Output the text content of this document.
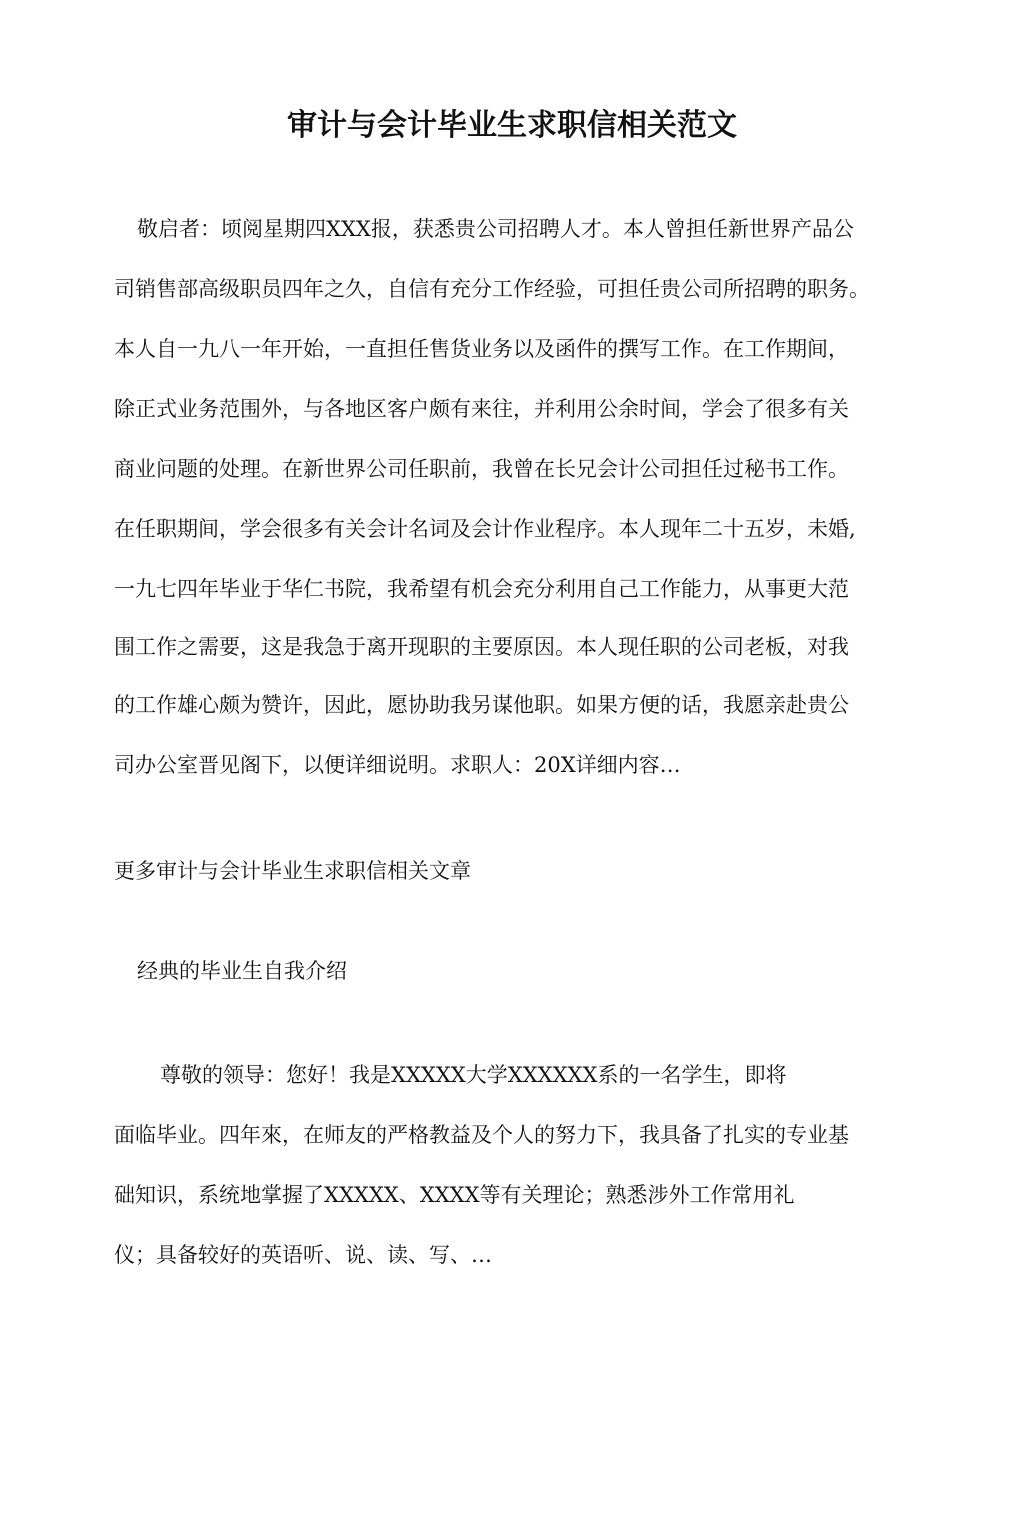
审计与会计毕业生求职信相关范文

敬启者：顷阅星期四XXX报，获悉贵公司招聘人才。本人曾担任新世界产品公

司销售部高级职员四年之久，自信有充分工作经验，可担任贵公司所招聘的职务。

本人自一九八一年开始，一直担任售货业务以及函件的撰写工作。在工作期间，

除正式业务范围外，与各地区客户颇有来往，并利用公余时间，学会了很多有关

商业问题的处理。在新世界公司任职前，我曾在长兄会计公司担任过秘书工作。

在任职期间，学会很多有关会计名词及会计作业程序。本人现年二十五岁，未婚,

一九七四年毕业于华仁书院，我希望有机会充分利用自己工作能力，从事更大范

围工作之需要，这是我急于离开现职的主要原因。本人现任职的公司老板，对我

的工作雄心颇为赞许，因此，愿协助我另谋他职。如果方便的话，我愿亲赴贵公

司办公室晋见阁下，以便详细说明。求职人：20X详细内容…

更多审计与会计毕业生求职信相关文章

经典的毕业生自我介绍

尊敬的领导：您好！我是XXXXX大学XXXXXX系的一名学生，即将

面临毕业。四年來，在师友的严格教益及个人的努力下，我具备了扎实的专业基

础知识，系统地掌握了XXXXX、XXXX等有关理论；熟悉涉外工作常用礼

仪；具备较好的英语听、说、读、写、…
